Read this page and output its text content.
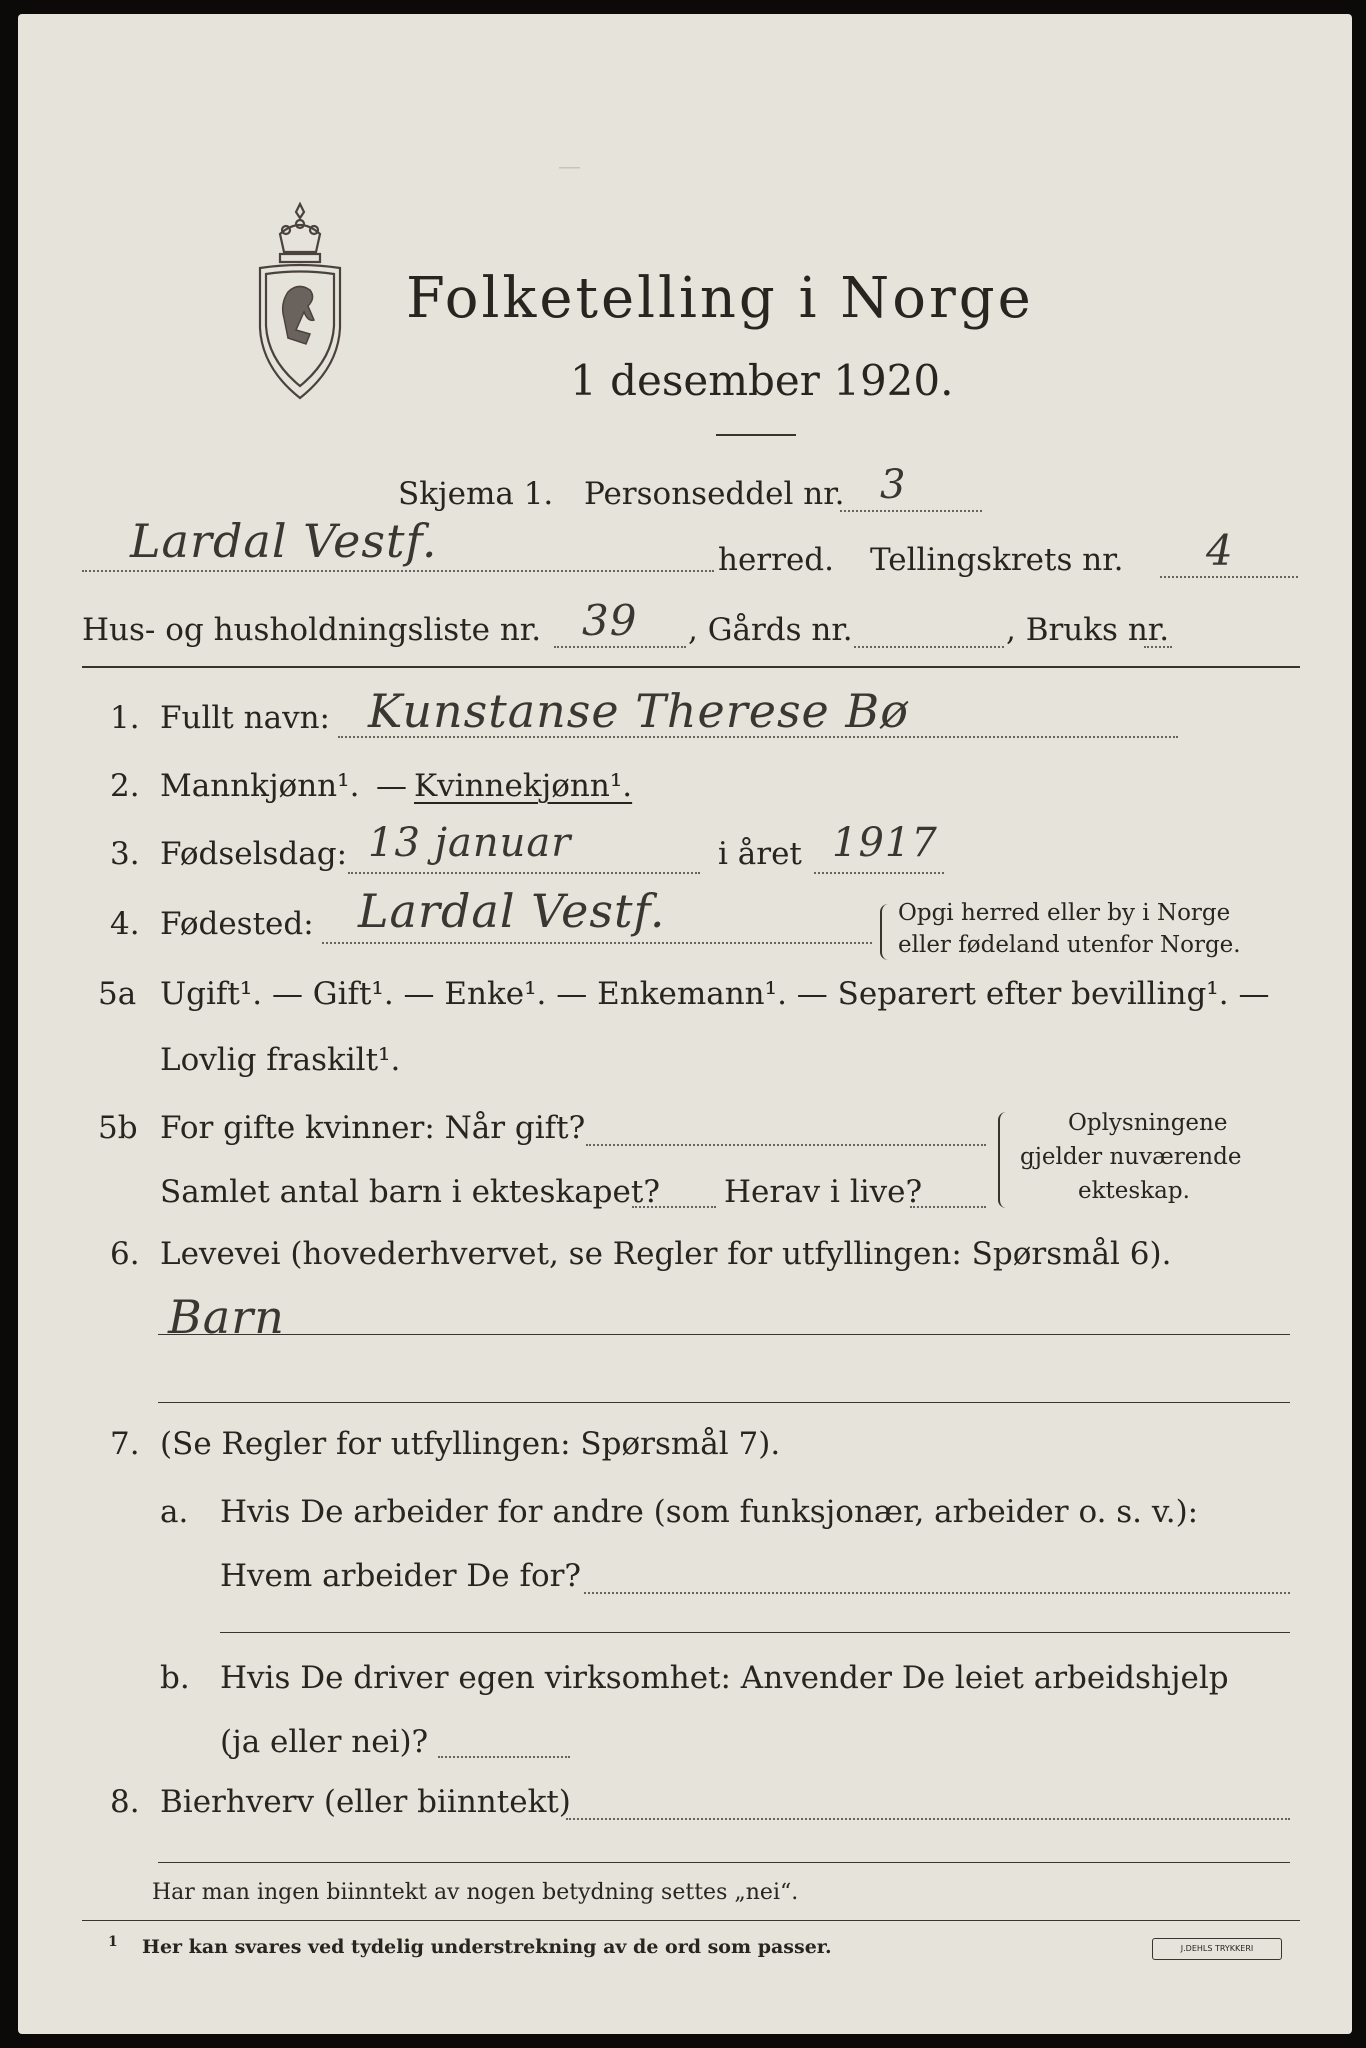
Folketelling i Norge
1 desember 1920.
—
Skjema 1. Personseddel nr. 3
Lardal Vestf.	herred. Tellingskrets nr. 4
Hus- og husholdningsliste nr. 39 , Gårds nr.	, Bruks nr.
1. Fullt navn: Kunstanse Therese Bø
2. Mannkjønn¹. — Kvinnekjønn¹.
3. Fødselsdag: 13 januar	i året 1917
4. Fødested: Lardal Vestf.	Opgi herred eller by i Norge
eller fødeland utenfor Norge.
5a Ugift¹. — Gift¹. — Enke¹. — Enkemann¹. — Separert efter bevilling¹. —
Lovlig fraskilt¹.
5b For gifte kvinner: Når gift?
Samlet antal barn i ekteskapet? Herav i live?
Oplysningene
gjelder nuværende
ekteskap.
6. Levevei (hovederhvervet, se Regler for utfyllingen: Spørsmål 6).
Barn
7. (Se Regler for utfyllingen: Spørsmål 7).
a. Hvis De arbeider for andre (som funksjonær, arbeider o. s. v.):
Hvem arbeider De for?
b. Hvis De driver egen virksomhet: Anvender De leiet arbeidshjelp
(ja eller nei)?
8. Bierhverv (eller biinntekt)
Har man ingen biinntekt av nogen betydning settes „nei“.
1 Her kan svares ved tydelig understrekning av de ord som passer.	J.DEHLS TRYKKERI
